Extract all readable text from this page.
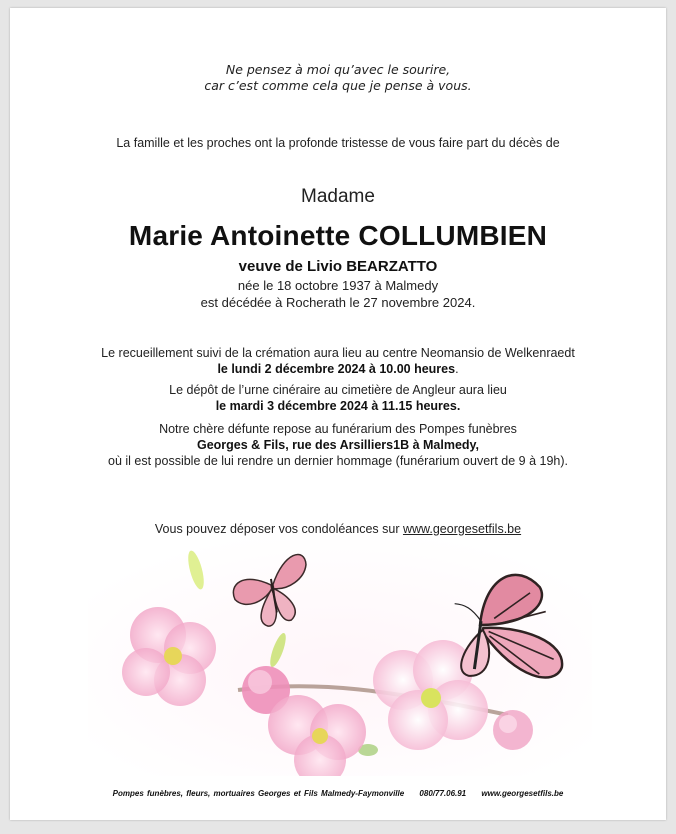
Ne pensez à moi qu’avec le sourire,
car c’est comme cela que je pense à vous.
La famille et les proches ont la profonde tristesse de vous faire part du décès de
Madame
Marie Antoinette COLLUMBIEN
veuve de Livio BEARZATTO
née le 18 octobre 1937 à Malmedy
est décédée à Rocherath le 27 novembre 2024.
Le recueillement suivi de la crémation aura lieu au centre Neomansio de Welkenraedt
le lundi 2 décembre 2024 à 10.00 heures.
Le dépôt de l’urne cinéraire au cimetière de Angleur aura lieu
le mardi 3 décembre 2024 à 11.15 heures.
Notre chère défunte repose au funérarium des Pompes funèbres
Georges & Fils, rue des Arsilliers1B à Malmedy,
où il est possible de lui rendre un dernier hommage (funérarium ouvert de 9 à 19h).
Vous pouvez déposer vos condoléances sur www.georgesetfils.be
Pompes funèbres, fleurs, mortuaires Georges et Fils Malmedy-Faymonville 080/77.06.91 www.georgesetfils.be
